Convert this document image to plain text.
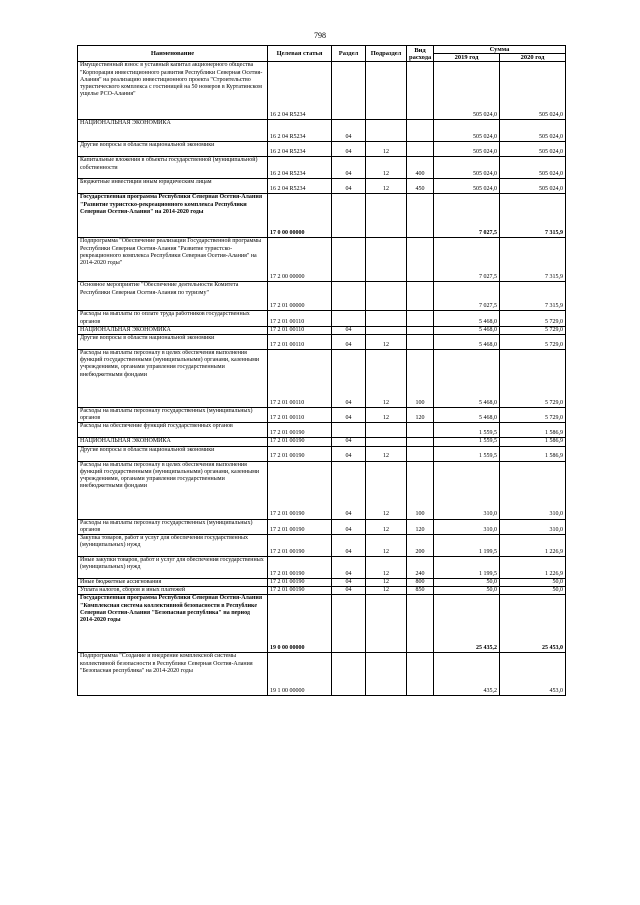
798
Наименование	Целевая статья	Раздел	Подраздел	Вид расхода	Сумма	
					2019 год	2020 год
Имущественный взнос в уставный капитал акционерного общества "Корпорация инвестиционного развития Республики Северная Осетия-Алания" на реализацию инвестиционного проекта "Строительство туристического комплекса с гостиницей на 50 номеров в Куртатинском ущелье РСО-Алания"	16 2 04 R5234				505 024,0	505 024,0
НАЦИОНАЛЬНАЯ ЭКОНОМИКА	16 2 04 R5234	04			505 024,0	505 024,0
Другие вопросы в области национальной экономики	16 2 04 R5234	04	12		505 024,0	505 024,0
Капитальные вложения в объекты государственной (муниципальной) собственности	16 2 04 R5234	04	12	400	505 024,0	505 024,0
Бюджетные инвестиции иным юридическим лицам	16 2 04 R5234	04	12	450	505 024,0	505 024,0
Государственная программа Республики Северная Осетия-Алания "Развитие туристско-рекреационного комплекса Республики Северная Осетия-Алания" на 2014-2020 годы	17 0 00 00000				7 027,5	7 315,9
Подпрограмма "Обеспечение реализации Государственной программы Республики Северная Осетия-Алания "Развитие туристско-рекреационного комплекса Республики Северная Осетия-Алания" на 2014-2020 годы"	17 2 00 00000				7 027,5	7 315,9
Основное мероприятие "Обеспечение деятельности Комитета Республики Северная Осетия-Алания по туризму"	17 2 01 00000				7 027,5	7 315,9
Расходы на выплаты по оплате труда работников государственных органов	17 2 01 00110				5 468,0	5 729,0
НАЦИОНАЛЬНАЯ ЭКОНОМИКА	17 2 01 00110	04			5 468,0	5 729,0
Другие вопросы в области национальной экономики	17 2 01 00110	04	12		5 468,0	5 729,0
Расходы на выплаты персоналу в целях обеспечения выполнения функций государственными (муниципальными) органами, казенными учреждениями, органами управления государственными внебюджетными фондами	17 2 01 00110	04	12	100	5 468,0	5 729,0
Расходы на выплаты персоналу государственных (муниципальных) органов	17 2 01 00110	04	12	120	5 468,0	5 729,0
Расходы на обеспечение функций государственных органов	17 2 01 00190				1 559,5	1 586,9
НАЦИОНАЛЬНАЯ ЭКОНОМИКА	17 2 01 00190	04			1 559,5	1 586,9
Другие вопросы в области национальной экономики	17 2 01 00190	04	12		1 559,5	1 586,9
Расходы на выплаты персоналу в целях обеспечения выполнения функций государственными (муниципальными) органами, казенными учреждениями, органами управления государственными внебюджетными фондами	17 2 01 00190	04	12	100	310,0	310,0
Расходы на выплаты персоналу государственных (муниципальных) органов	17 2 01 00190	04	12	120	310,0	310,0
Закупка товаров, работ и услуг для обеспечения государственных (муниципальных) нужд	17 2 01 00190	04	12	200	1 199,5	1 226,9
Иные закупки товаров, работ и услуг для обеспечения государственных (муниципальных) нужд	17 2 01 00190	04	12	240	1 199,5	1 226,9
Иные бюджетные ассигнования	17 2 01 00190	04	12	800	50,0	50,0
Уплата налогов, сборов и иных платежей	17 2 01 00190	04	12	850	50,0	50,0
Государственная программа Республики Северная Осетия-Алания "Комплексная система коллективной безопасности в Республике Северная Осетия-Алания "Безопасная республика" на период 2014-2020 годы	19 0 00 00000				25 435,2	25 453,0
Подпрограмма "Создание и внедрение комплексной системы коллективной безопасности в Республике Северная Осетия-Алания "Безопасная республика" на 2014-2020 годы	19 1 00 00000				435,2	453,0
